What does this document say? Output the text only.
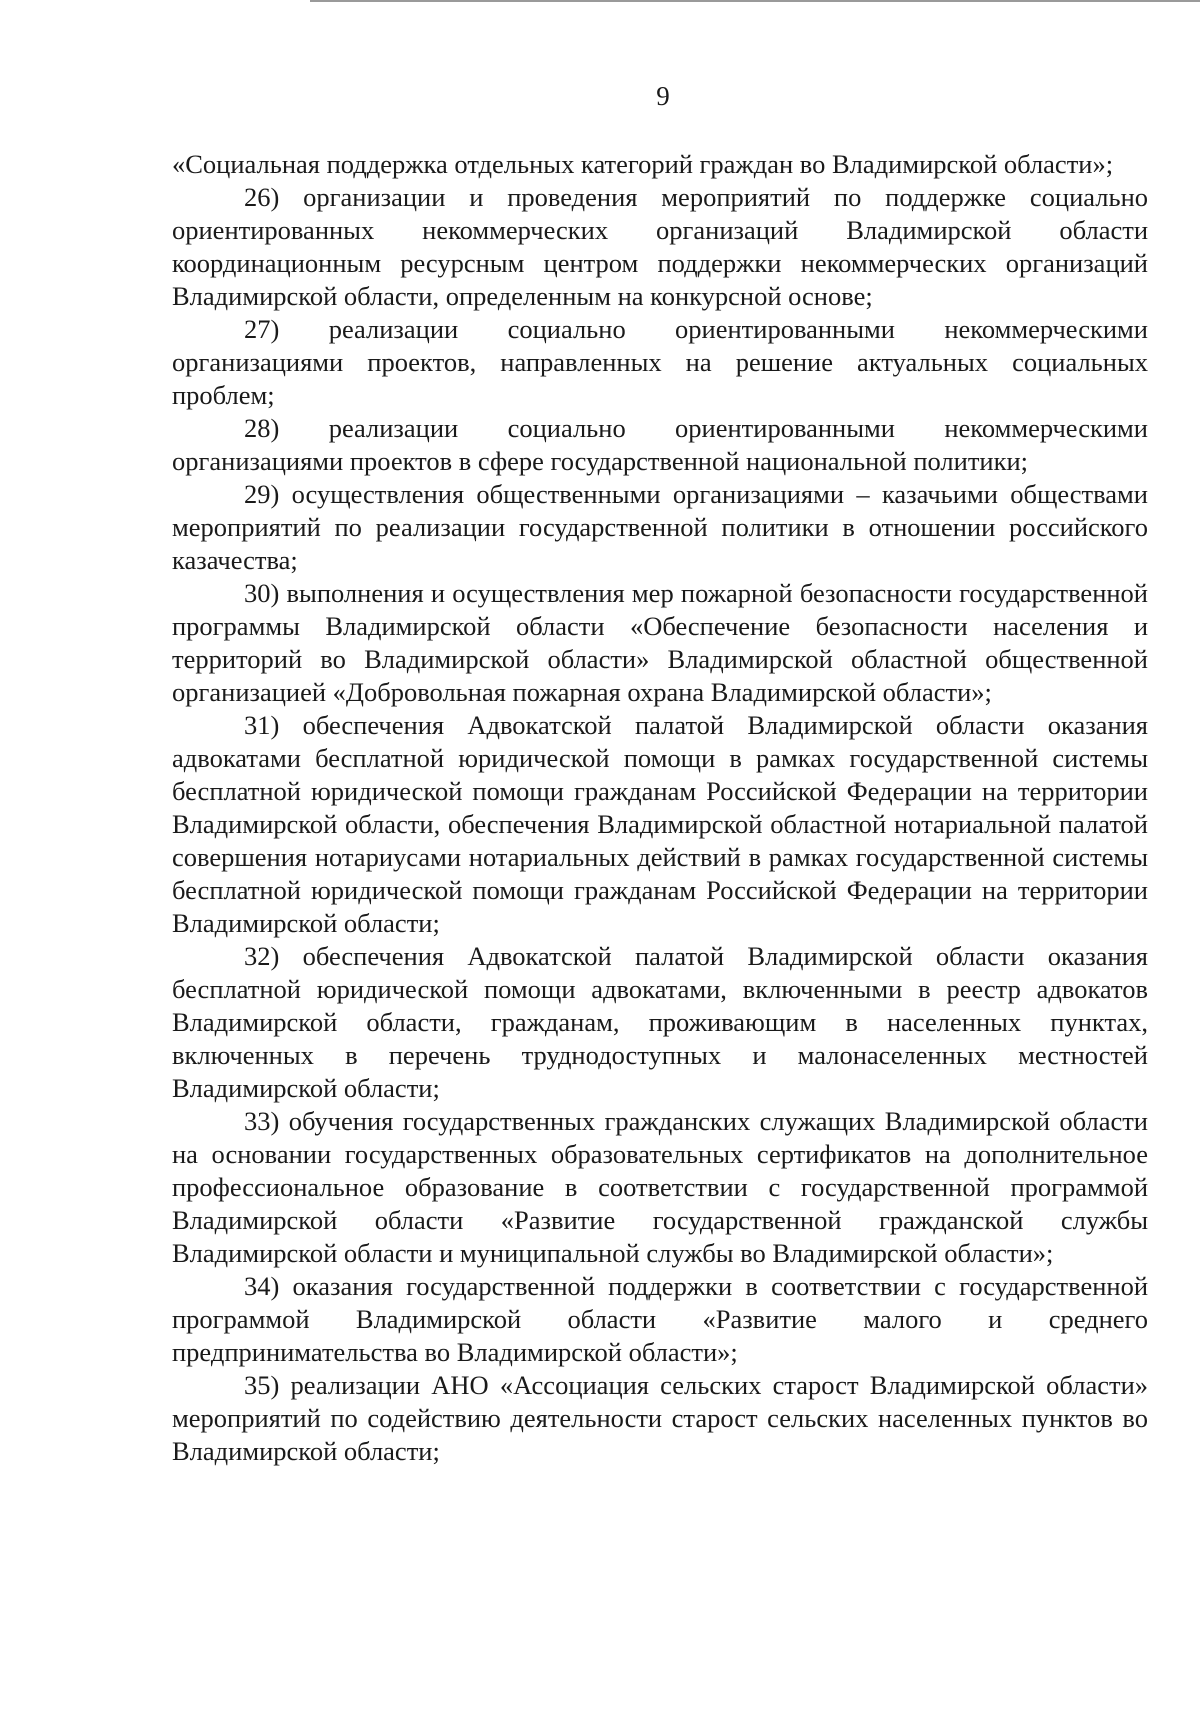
9

«Социальная поддержка отдельных категорий граждан во Владимирской области»;

26) организации и проведения мероприятий по поддержке социально ориентированных некоммерческих организаций Владимирской области координационным ресурсным центром поддержки некоммерческих организаций Владимирской области, определенным на конкурсной основе;

27) реализации социально ориентированными некоммерческими организациями проектов, направленных на решение актуальных социальных проблем;

28) реализации социально ориентированными некоммерческими организациями проектов в сфере государственной национальной политики;

29) осуществления общественными организациями – казачьими обществами мероприятий по реализации государственной политики в отношении российского казачества;

30) выполнения и осуществления мер пожарной безопасности государственной программы Владимирской области «Обеспечение безопасности населения и территорий во Владимирской области» Владимирской областной общественной организацией «Добровольная пожарная охрана Владимирской области»;

31) обеспечения Адвокатской палатой Владимирской области оказания адвокатами бесплатной юридической помощи в рамках государственной системы бесплатной юридической помощи гражданам Российской Федерации на территории Владимирской области, обеспечения Владимирской областной нотариальной палатой совершения нотариусами нотариальных действий в рамках государственной системы бесплатной юридической помощи гражданам Российской Федерации на территории Владимирской области;

32) обеспечения Адвокатской палатой Владимирской области оказания бесплатной юридической помощи адвокатами, включенными в реестр адвокатов Владимирской области, гражданам, проживающим в населенных пунктах, включенных в перечень труднодоступных и малонаселенных местностей Владимирской области;

33) обучения государственных гражданских служащих Владимирской области на основании государственных образовательных сертификатов на дополнительное профессиональное образование в соответствии с государственной программой Владимирской области «Развитие государственной гражданской службы Владимирской области и муниципальной службы во Владимирской области»;

34) оказания государственной поддержки в соответствии с государственной программой Владимирской области «Развитие малого и среднего предпринимательства во Владимирской области»;

35) реализации АНО «Ассоциация сельских старост Владимирской области» мероприятий по содействию деятельности старост сельских населенных пунктов во Владимирской области;
